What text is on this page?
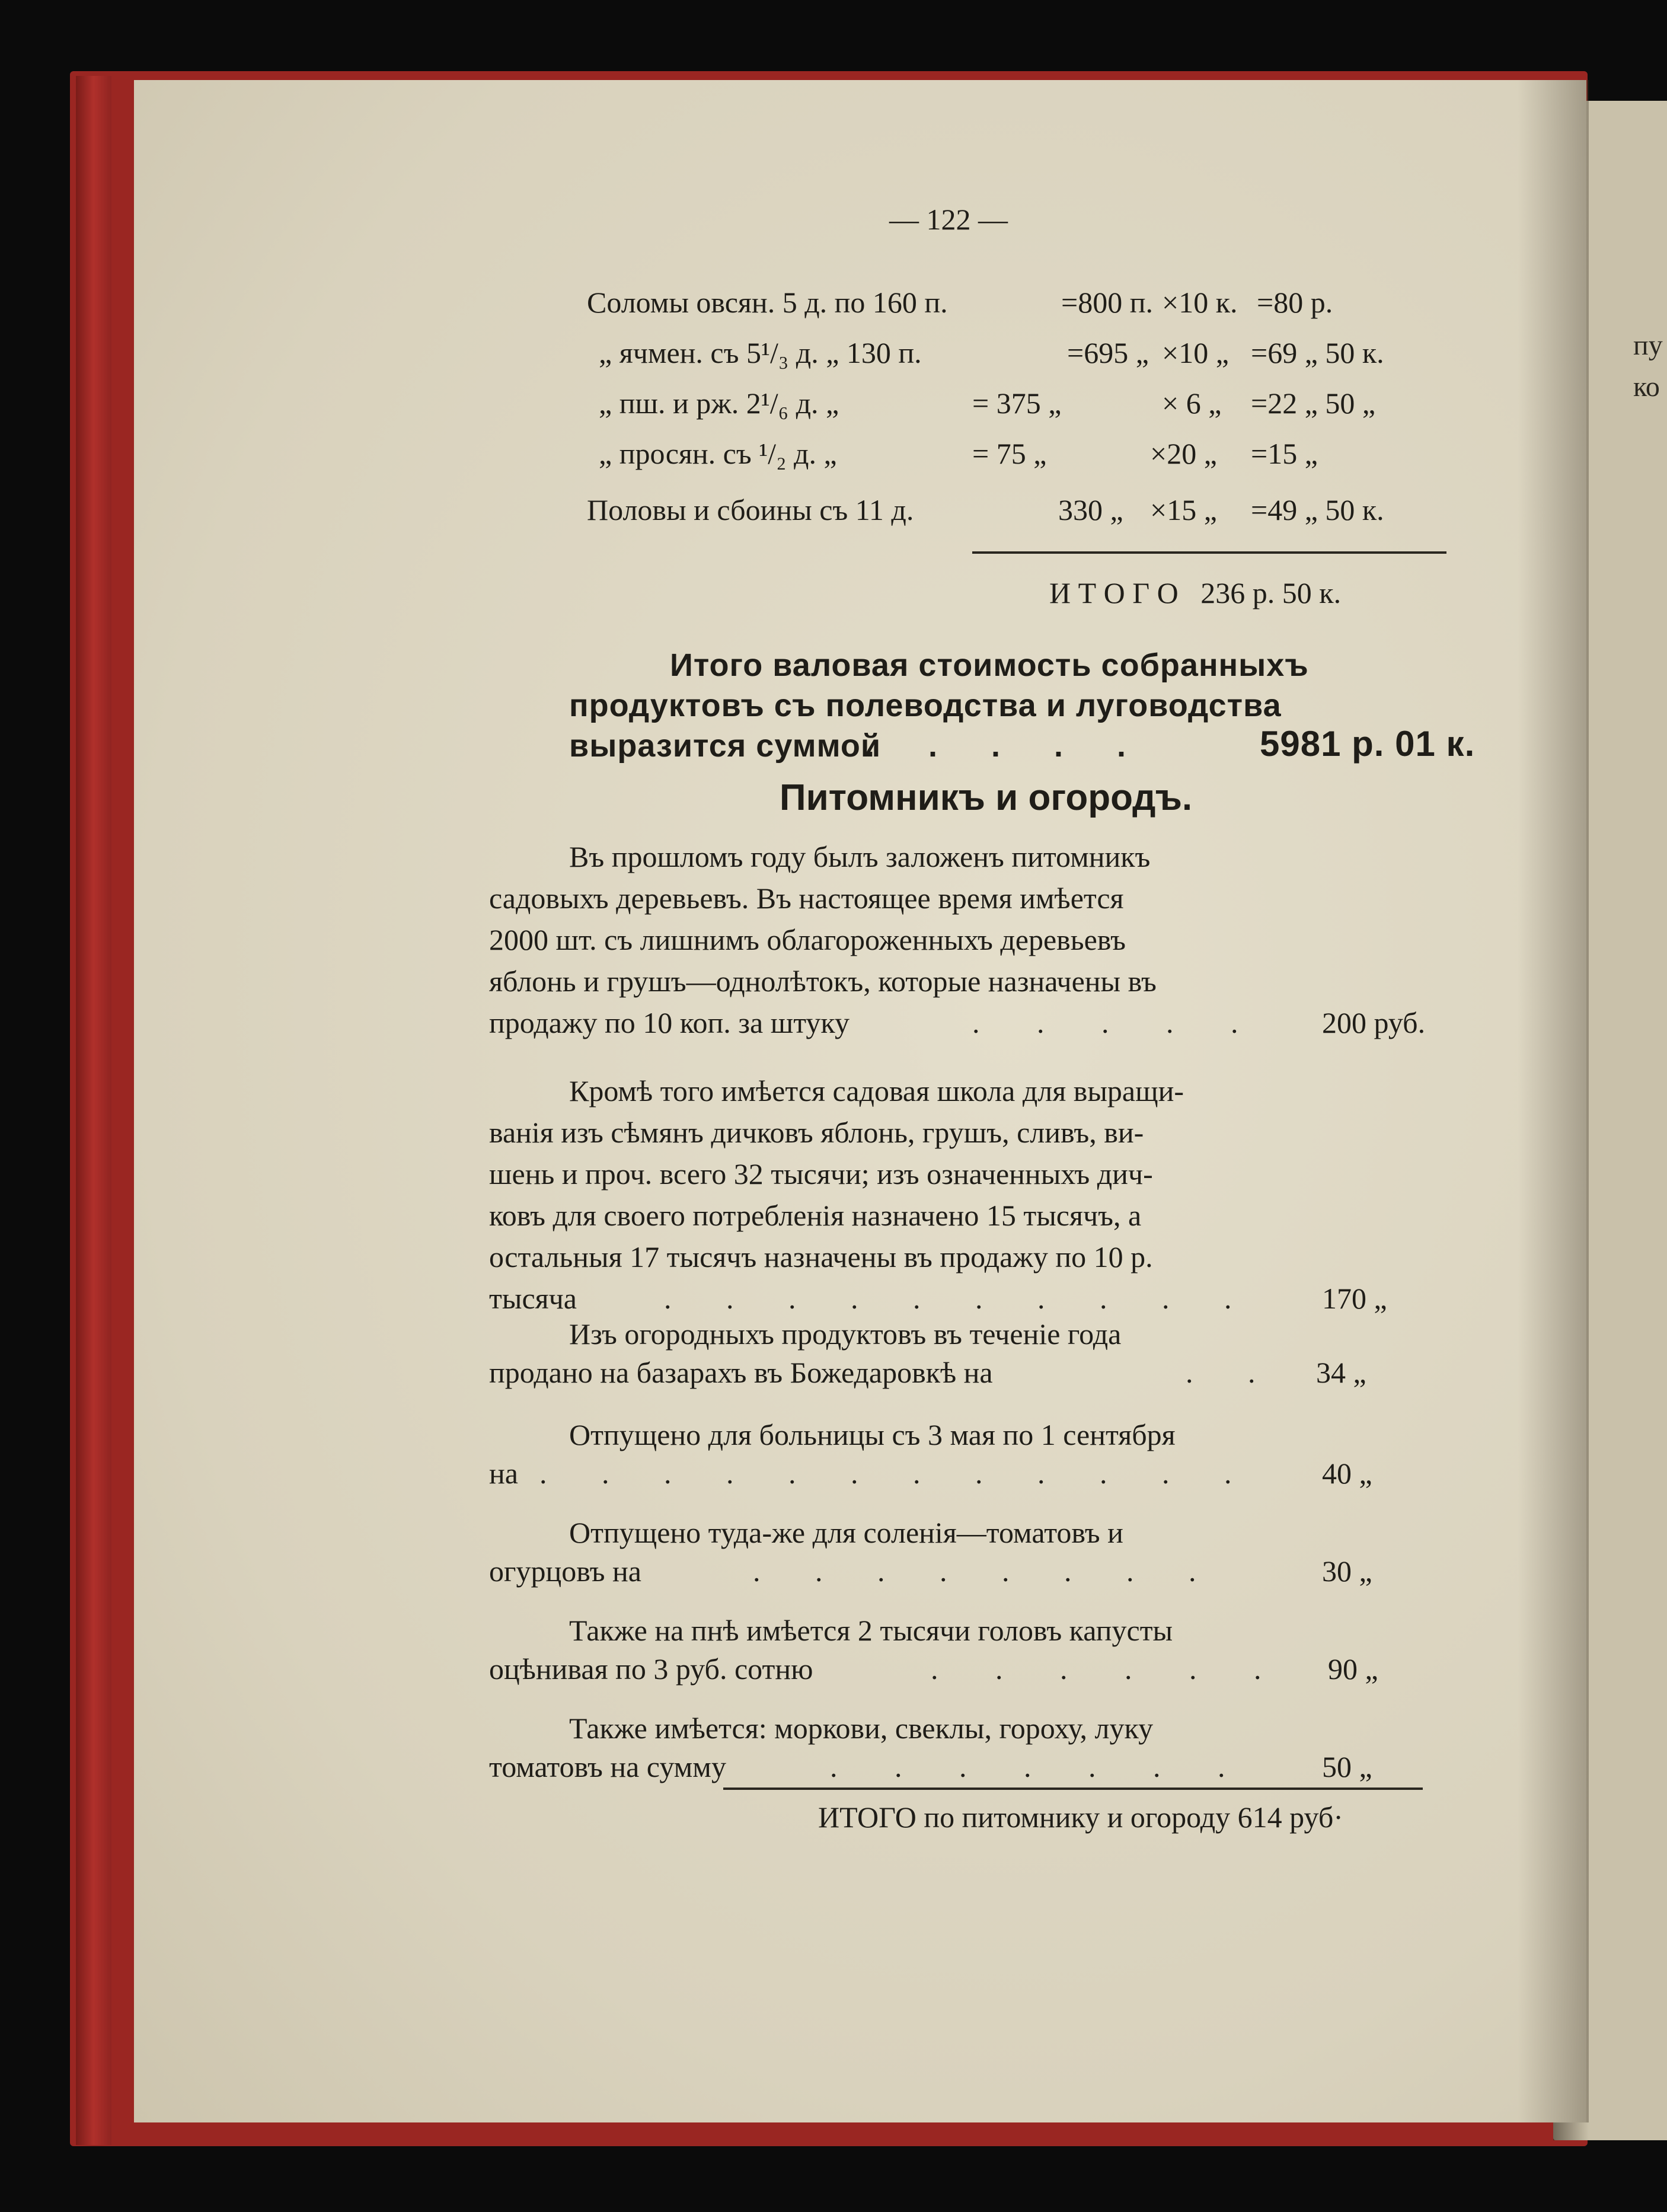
пу
ко
— 122 —
Соломы овсян. 5 д. по 160 п.	=800 п. ×10 к. =80 р.
„ ячмен. съ 5¹/₃ д. „ 130 п.	=695 „ ×10 „ =69 „ 50 к.
„ пш. и рж. 2¹/₆ д. „	= 375 „	× 6 „ =22 „ 50 „
„ просян. съ ¹/₂ д. „	= 75 „	×20 „ =15 „
Половы и сбоины съ 11 д.	330 „ ×15 „ =49 „ 50 к.
И Т О Г О   236 р. 50 к.
Итого валовая стоимость собранныхъ
продуктовъ съ полеводства и луговодства
выразится суммой
. . . . .	5981 р. 01 к.
Питомникъ и огородъ.
Въ прошломъ году былъ заложенъ питомникъ
садовыхъ деревьевъ. Въ настоящее время имѣется
2000 шт. съ лишнимъ облагороженныхъ деревьевъ
яблонь и грушъ—однолѣтокъ, которые назначены въ
продажу по 10 коп. за штуку	. . . . . 200 руб.
Кромѣ того имѣется садовая школа для выращи-
ванія изъ сѣмянъ дичковъ яблонь, грушъ, сливъ, ви-
шень и проч. всего 32 тысячи; изъ означенныхъ дич-
ковъ для своего потребленія назначено 15 тысячъ, а
остальныя 17 тысячъ назначены въ продажу по 10 р.
тысяча	. . . . . . . . . . 170 „
Изъ огородныхъ продуктовъ въ теченіе года
продано на базарахъ въ Божедаровкѣ на	. . 34 „
Отпущено для больницы съ 3 мая по 1 сентября
на . . . . . . . . . . . . 40 „
Отпущено туда-же для соленія—томатовъ и
огурцовъ на	. . . . . . . .	30 „
Также на пнѣ имѣется 2 тысячи головъ капусты
оцѣнивая по 3 руб. сотню	. . . . . . 90 „
Также имѣется: моркови, свеклы, гороху, луку
томатовъ на сумму	. . . . . . . 50 „
ИТОГО по питомнику и огороду 614 руб·
